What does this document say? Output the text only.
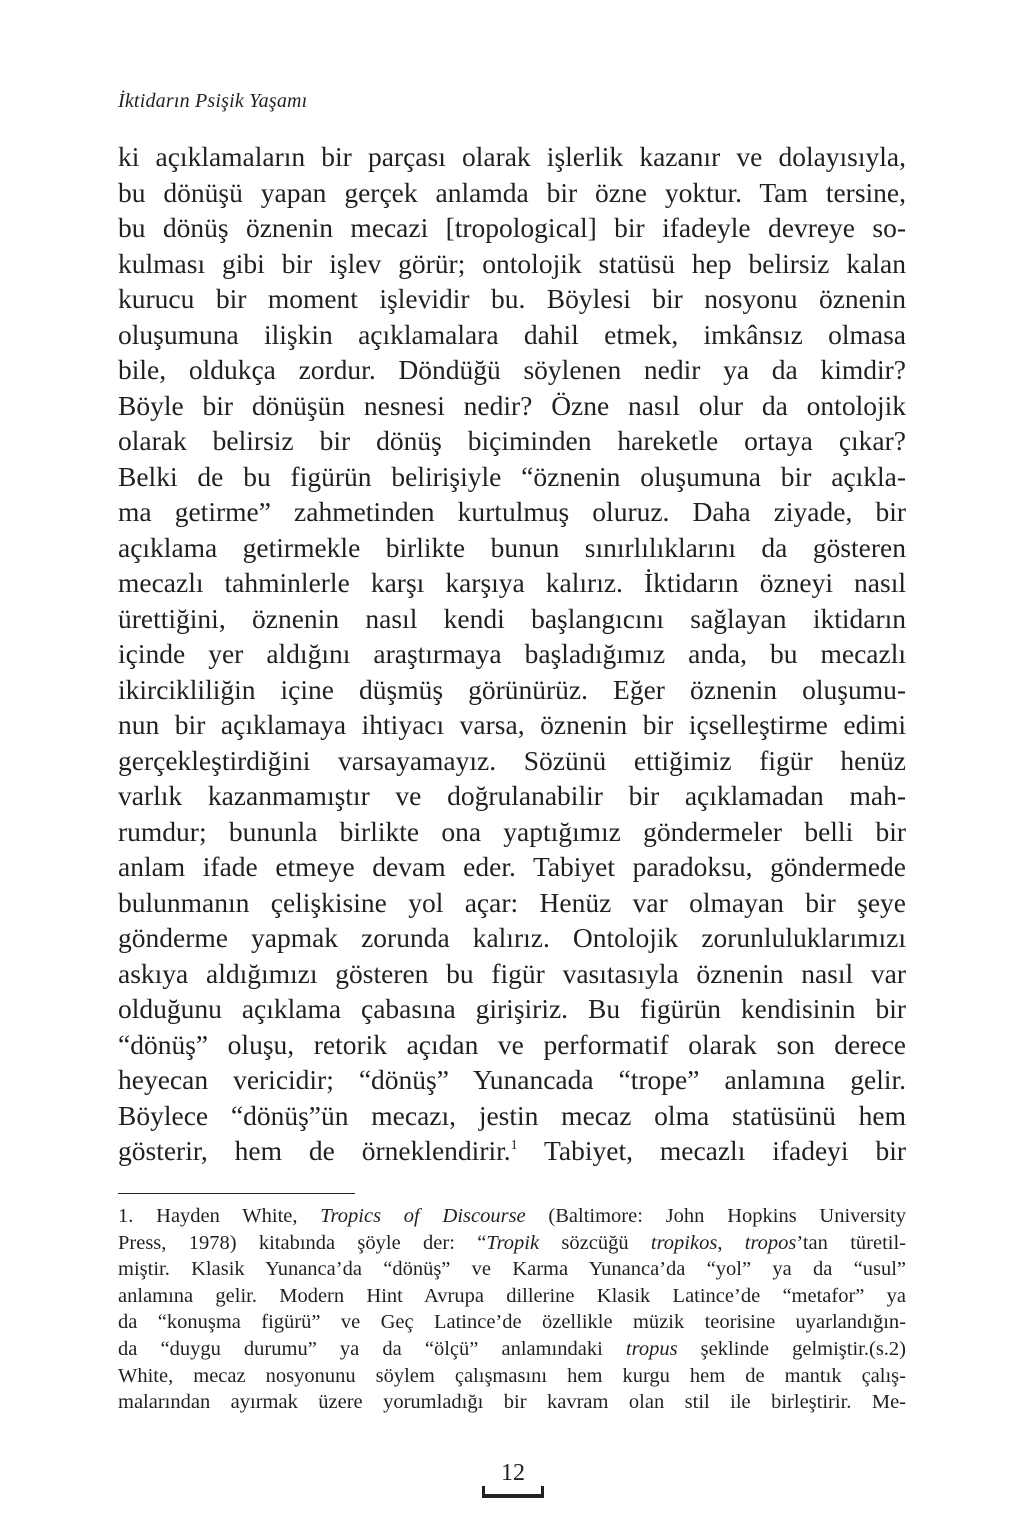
İktidarın Psişik Yaşamı
ki açıklamaların bir parçası olarak işlerlik kazanır ve dolayısıyla,
bu dönüşü yapan gerçek anlamda bir özne yoktur. Tam tersine,
bu dönüş öznenin mecazi [tropological] bir ifadeyle devreye so-
kulması gibi bir işlev görür; ontolojik statüsü hep belirsiz kalan
kurucu bir moment işlevidir bu. Böylesi bir nosyonu öznenin
oluşumuna ilişkin açıklamalara dahil etmek, imkânsız olmasa
bile, oldukça zordur. Döndüğü söylenen nedir ya da kimdir?
Böyle bir dönüşün nesnesi nedir? Özne nasıl olur da ontolojik
olarak belirsiz bir dönüş biçiminden hareketle ortaya çıkar?
Belki de bu figürün belirişiyle “öznenin oluşumuna bir açıkla-
ma getirme” zahmetinden kurtulmuş oluruz. Daha ziyade, bir
açıklama getirmekle birlikte bunun sınırlılıklarını da gösteren
mecazlı tahminlerle karşı karşıya kalırız. İktidarın özneyi nasıl
ürettiğini, öznenin nasıl kendi başlangıcını sağlayan iktidarın
içinde yer aldığını araştırmaya başladığımız anda, bu mecazlı
ikircikliliğin içine düşmüş görünürüz. Eğer öznenin oluşumu-
nun bir açıklamaya ihtiyacı varsa, öznenin bir içselleştirme edimi
gerçekleştirdiğini varsayamayız. Sözünü ettiğimiz figür henüz
varlık kazanmamıştır ve doğrulanabilir bir açıklamadan mah-
rumdur; bununla birlikte ona yaptığımız göndermeler belli bir
anlam ifade etmeye devam eder. Tabiyet paradoksu, göndermede
bulunmanın çelişkisine yol açar: Henüz var olmayan bir şeye
gönderme yapmak zorunda kalırız. Ontolojik zorunluluklarımızı
askıya aldığımızı gösteren bu figür vasıtasıyla öznenin nasıl var
olduğunu açıklama çabasına girişiriz. Bu figürün kendisinin bir
“dönüş” oluşu, retorik açıdan ve performatif olarak son derece
heyecan vericidir; “dönüş” Yunancada “trope” anlamına gelir.
Böylece “dönüş”ün mecazı, jestin mecaz olma statüsünü hem
gösterir, hem de örneklendirir.$^1$ Tabiyet, mecazlı ifadeyi bir
1. Hayden White, Tropics of Discourse (Baltimore: John Hopkins University
Press, 1978) kitabında şöyle der: “Tropik sözcüğü tropikos, tropos’tan türetil-
miştir. Klasik Yunanca’da “dönüş” ve Karma Yunanca’da “yol” ya da “usul”
anlamına gelir. Modern Hint Avrupa dillerine Klasik Latince’de “metafor” ya
da “konuşma figürü” ve Geç Latince’de özellikle müzik teorisine uyarlandığın-
da “duygu durumu” ya da “ölçü” anlamındaki tropus şeklinde gelmiştir.(s.2)
White, mecaz nosyonunu söylem çalışmasını hem kurgu hem de mantık çalış-
malarından ayırmak üzere yorumladığı bir kavram olan stil ile birleştirir. Me-
12
